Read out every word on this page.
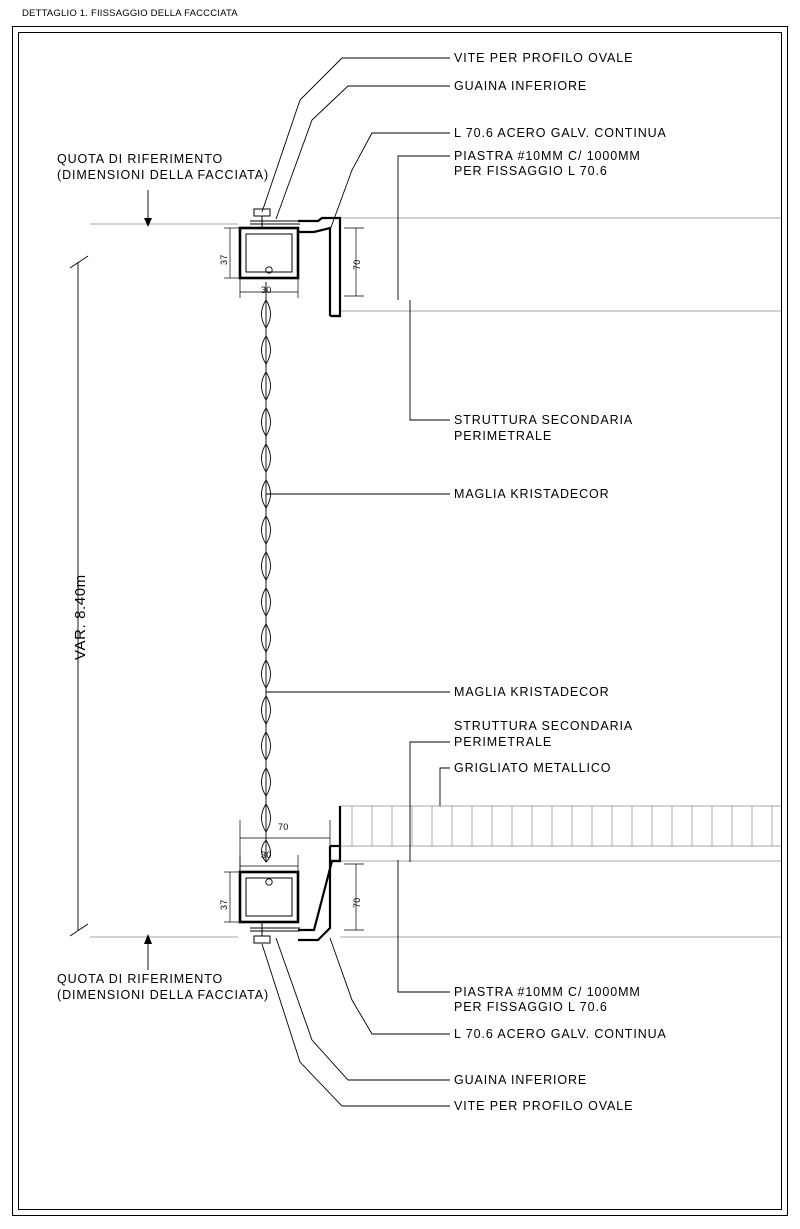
DETTAGLIO 1. FIISSAGGIO DELLA FACCCIATA
VITE PER PROFILO OVALE
GUAINA INFERIORE
L 70.6 ACERO GALV. CONTINUA
PIASTRA #10MM C/ 1000MM
PER FISSAGGIO L 70.6
QUOTA DI RIFERIMENTO
(DIMENSIONI DELLA FACCIATA)
STRUTTURA SECONDARIA
PERIMETRALE
MAGLIA KRISTADECOR
MAGLIA KRISTADECOR
STRUTTURA SECONDARIA
PERIMETRALE
GRIGLIATO METALLICO
PIASTRA #10MM C/ 1000MM
PER FISSAGGIO L 70.6
L 70.6 ACERO GALV. CONTINUA
GUAINA INFERIORE
VITE PER PROFILO OVALE
QUOTA DI RIFERIMENTO
(DIMENSIONI DELLA FACCIATA)
VAR. 8.40m
37
30
70
70
30
37	70
